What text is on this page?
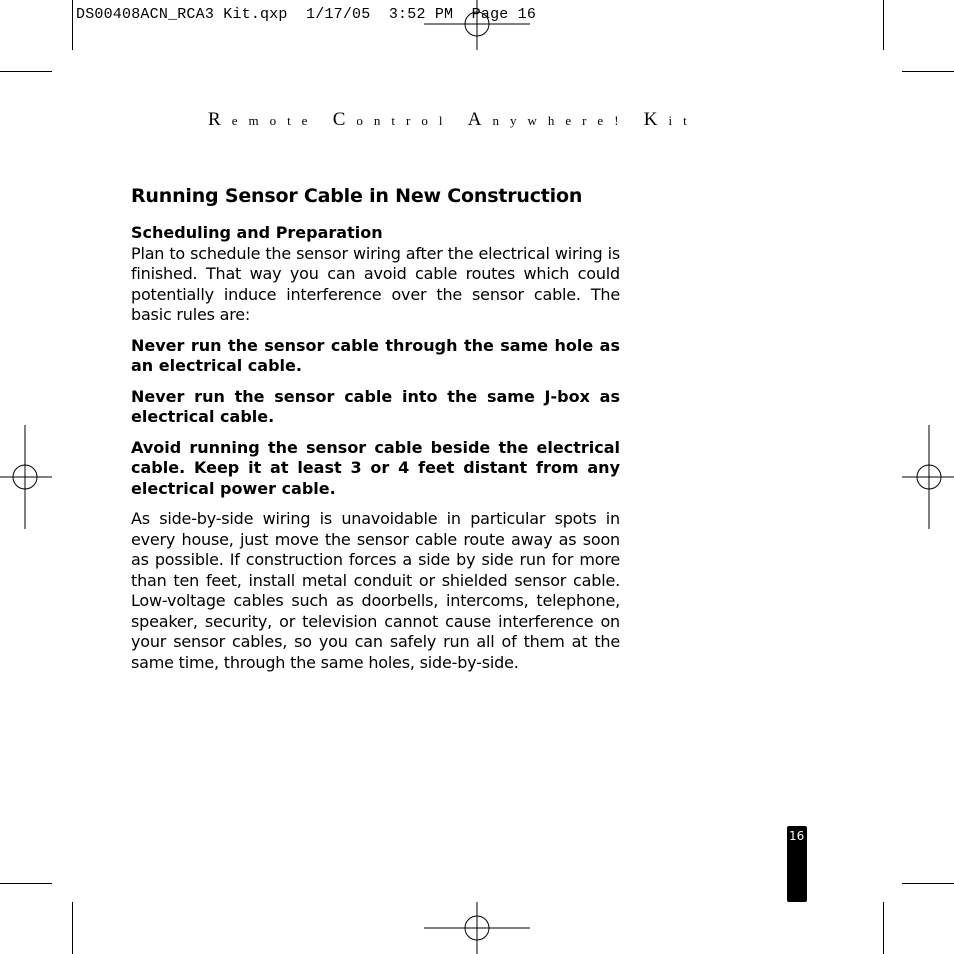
DS00408ACN_RCA3 Kit.qxp  1/17/05  3:52 PM  Page 16
Remote Control Anywhere! Kit
Running Sensor Cable in New Construction
Scheduling and Preparation

Plan to schedule the sensor wiring after the electrical wiring is finished. That way you can avoid cable routes which could potentially induce interference over the sensor cable. The basic rules are:

Never run the sensor cable through the same hole as an electrical cable.

Never run the sensor cable into the same J-box as electrical cable.

Avoid running the sensor cable beside the electrical cable. Keep it at least 3 or 4 feet distant from any electrical power cable.

As side-by-side wiring is unavoidable in particular spots in every house, just move the sensor cable route away as soon as possible. If construction forces a side by side run for more than ten feet, install metal conduit or shielded sensor cable. Low-voltage cables such as doorbells, intercoms, telephone, speaker, security, or television cannot cause interference on your sensor cables, so you can safely run all of them at the same time, through the same holes, side-by-side.

16
